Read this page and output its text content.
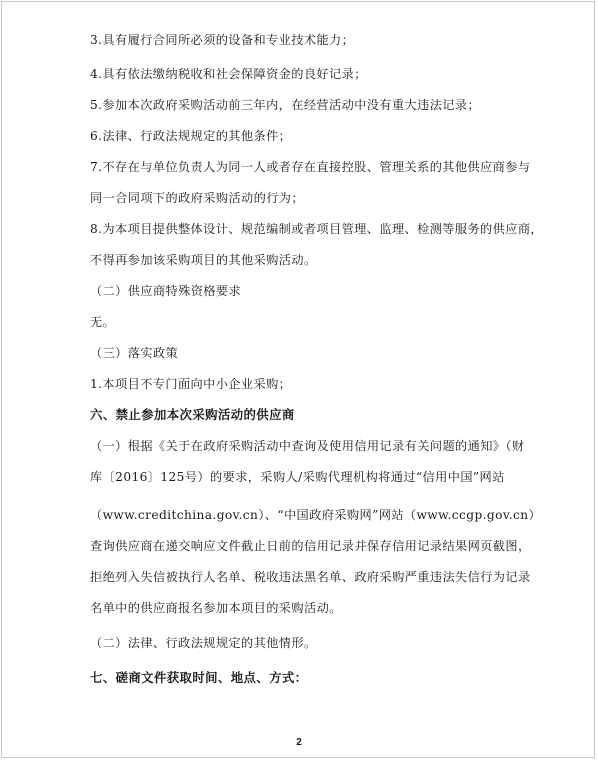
3.具有履行合同所必须的设备和专业技术能力；
4.具有依法缴纳税收和社会保障资金的良好记录；
5.参加本次政府采购活动前三年内，在经营活动中没有重大违法记录；
6.法律、行政法规规定的其他条件；
7.不存在与单位负责人为同一人或者存在直接控股、管理关系的其他供应商参与
同一合同项下的政府采购活动的行为；
8.为本项目提供整体设计、规范编制或者项目管理、监理、检测等服务的供应商，
不得再参加该采购项目的其他采购活动。
（二）供应商特殊资格要求
无。
（三）落实政策
1.本项目不专门面向中小企业采购；
六、禁止参加本次采购活动的供应商
（一）根据《关于在政府采购活动中查询及使用信用记录有关问题的通知》（财
库〔2016〕125号）的要求，采购人/采购代理机构将通过“信用中国”网站
（www.creditchina.gov.cn）、“中国政府采购网”网站（www.ccgp.gov.cn）
查询供应商在递交响应文件截止日前的信用记录并保存信用记录结果网页截图，
拒绝列入失信被执行人名单、税收违法黑名单、政府采购严重违法失信行为记录
名单中的供应商报名参加本项目的采购活动。
（二）法律、行政法规规定的其他情形。
七、磋商文件获取时间、地点、方式：
2
